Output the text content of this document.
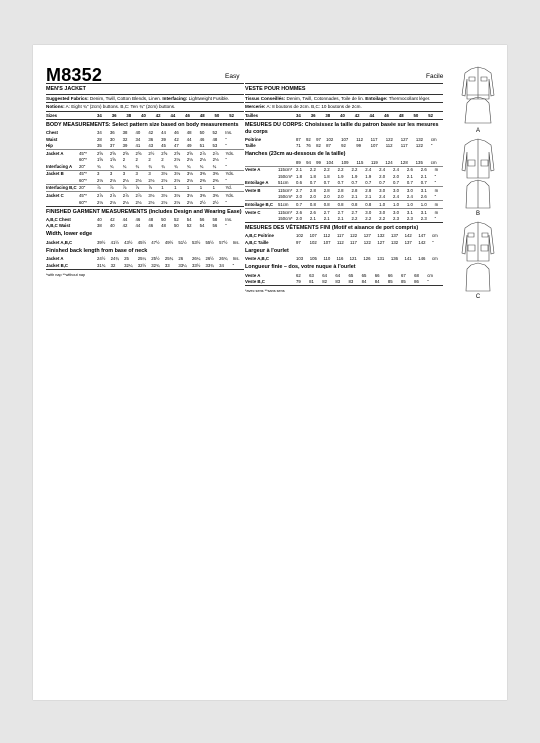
M8352	Easy	Facile
MEN'S JACKET
Suggested Fabrics: Denim, Twill, Cotton Blends, Linen. Interfacing: Lightweight Fusible.
Notions: A: Eight ¾" (2cm) buttons. B,C: Ten ¾" (2cm) buttons.
Sizes		34	36	38	40	42	44	46	48	50	52	
BODY MEASUREMENTS: Select pattern size based on body measurements
Chest		34	36	38	40	42	44	46	48	50	52	Ins.
Waist		28	30	32	34	36	39	42	44	46	48	"
Hip		35	37	39	41	43	45	47	49	51	53	"
Jacket A	45"*	2⅝	2⅝	2⅝	2⅝	2½	2⅝	2⅝	2⅝	2⅞	2⅞	Yds.
	60"*	1⅝	1⅝	2	2	2	2	2⅛	2⅛	2⅛	2⅛	"
Interfacing A	20"	¾	¾	¾	¾	¾	¾	¾	¾	¾	¾	"
Jacket B	45"*	3	3	3	3	3	3⅛	3⅛	3⅛	3⅜	3⅜	Yds.
	60"*	2⅛	2⅛	2⅛	2⅛	2⅛	2⅛	2⅛	2⅛	2⅜	2⅜	"
Interfacing B,C	20"	⅞	⅞	⅞	⅞	⅞	1	1	1	1	1	Yd.
Jacket C	45"*	2⅞	2⅞	2⅞	2⅞	3⅛	3⅛	3⅛	3⅛	3⅜	3⅜	Yds.
	60"*	2⅛	2⅛	2⅛	2⅛	2⅛	2⅛	2⅛	2⅛	2½	2½	"
FINISHED GARMENT MEASUREMENTS (Includes Design and Wearing Ease)
A,B,C Chest		40	42	44	46	48	50	52	54	56	58	Ins.
A,B,C Waist		38	40	42	44	46	48	50	52	54	56	"
Width, lower edge
Jacket A,B,C		39½	41½	43½	45½	47½	49½	51½	53½	55½	57½	Ins.
Finished back length from base of neck
Jacket A		24½	24¾	25	25¼	25½	25¾	26	26¼	26½	26¾	Ins.
Jacket B,C		31¾	32	32¼	32½	32¾	33	33¼	33½	33¾	34	"
*with nap **without nap
VESTE POUR HOMMES
Tissus Conseillés: Denim, Twill, Cotonnades, Toile de lin. Entoilage: Thermocollant léger.
Mercerie: A: 8 boutons de 2cm. B,C: 10 boutons de 2cm.
Tailles		34	36	38	40	42	44	46	48	50	52	
MESURES DU CORPS: Choisissez la taille du patron basée sur les mesures du corps
Poitrine		87	92	97	102	107	112	117	122	127	132	cm
Taille		71	76	82	87	92	99	107	112	117	122	"
Hanches (23cm au-dessous de la taille)
		89	94	99	104	109	115	119	124	128	135	cm
Veste A	115cm*	2.1	2.2	2.2	2.2	2.2	2.4	2.4	2.4	2.6	2.6	m
	150cm*	1.8	1.8	1.8	1.9	1.9	1.9	2.0	2.0	2.1	2.1	"
Entoilage A	51cm	0.6	0.7	0.7	0.7	0.7	0.7	0.7	0.7	0.7	0.7	"
Veste B	115cm*	2.7	2.8	2.8	2.8	2.8	2.8	3.0	3.0	3.0	3.1	m
	150cm*	2.0	2.0	2.0	2.0	2.1	2.1	2.4	2.4	2.4	2.6	"
Entoilage B,C	51cm	0.7	0.8	0.8	0.8	0.8	0.8	1.0	1.0	1.0	1.0	m
Veste C	115cm*	2.6	2.6	2.7	2.7	2.7	3.0	3.0	3.0	3.1	3.1	m
	150cm*	2.0	2.1	2.1	2.1	2.2	2.2	2.2	2.3	2.3	2.3	"
MESURES DES VÊTEMENTS FINI (Motif et aisance de port compris)
A,B,C Poitrine		102	107	112	117	122	127	132	137	142	147	cm
A,B,C Taille		97	102	107	112	117	122	127	132	137	142	"
Largeur à l'ourlet
Veste A,B,C		103	105	110	116	121	126	131	136	141	146	cm
Longueur finie – dos, votre nuque à l'ourlet
Veste A		62	63	64	64	65	65	66	66	67	68	cm
Veste B,C		79	81	82	83	83	84	84	85	85	86	"
*avec sens **sans sens
A
B
C
